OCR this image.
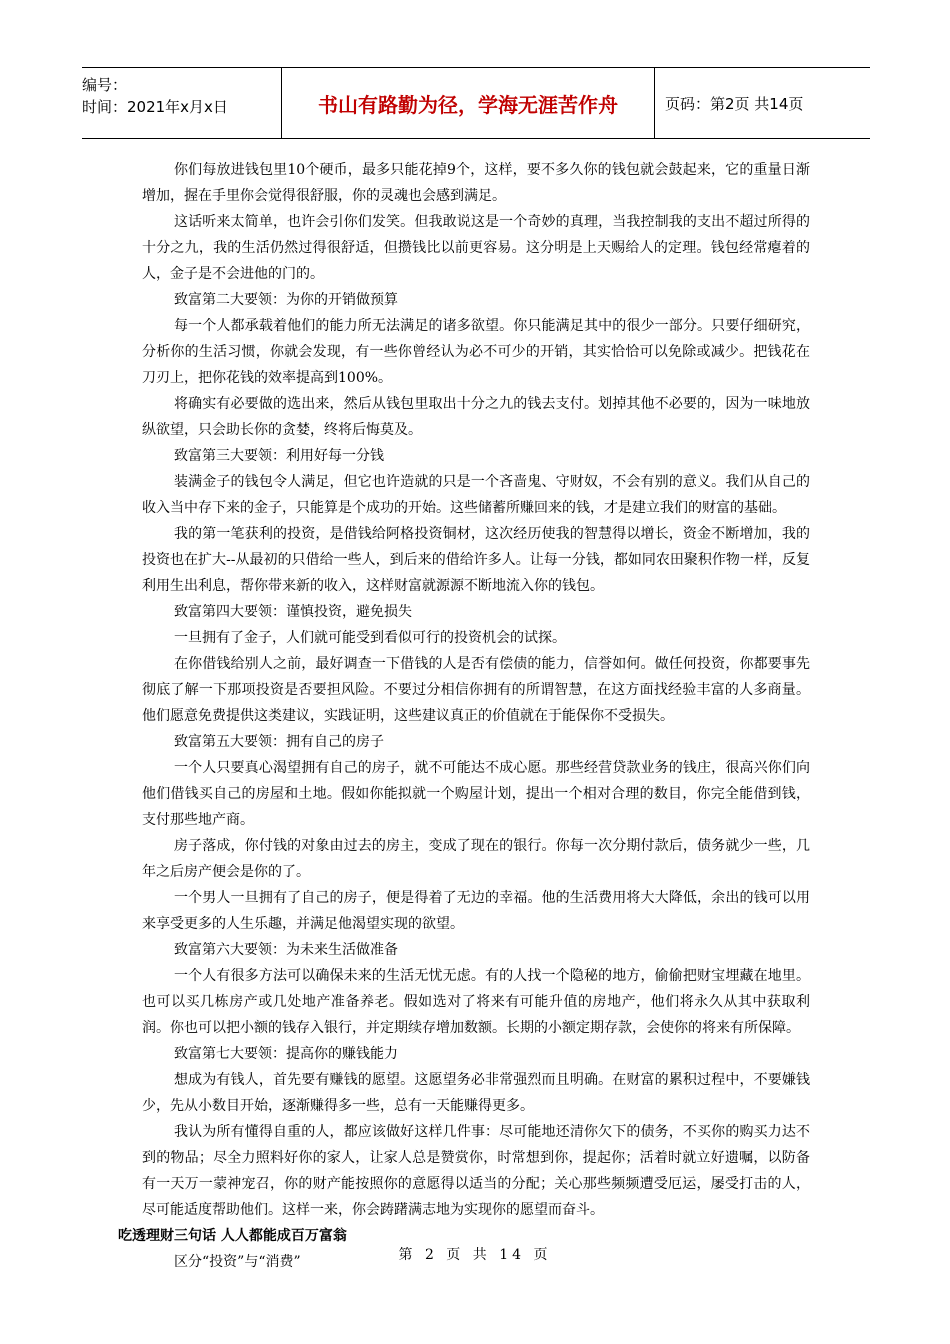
编号：
时间：2021年x月x日	书山有路勤为径，学海无涯苦作舟	页码：第2页 共14页

你们每放进钱包里10个硬币，最多只能花掉9个，这样，要不多久你的钱包就会鼓起来，它的重量日渐增加，握在手里你会觉得很舒服，你的灵魂也会感到满足。

这话听来太简单，也许会引你们发笑。但我敢说这是一个奇妙的真理，当我控制我的支出不超过所得的十分之九，我的生活仍然过得很舒适，但攒钱比以前更容易。这分明是上天赐给人的定理。钱包经常瘪着的人，金子是不会进他的门的。

致富第二大要领：为你的开销做预算

每一个人都承载着他们的能力所无法满足的诸多欲望。你只能满足其中的很少一部分。只要仔细研究，分析你的生活习惯，你就会发现，有一些你曾经认为必不可少的开销，其实恰恰可以免除或减少。把钱花在刀刃上，把你花钱的效率提高到100%。

将确实有必要做的选出来，然后从钱包里取出十分之九的钱去支付。划掉其他不必要的，因为一味地放纵欲望，只会助长你的贪婪，终将后悔莫及。

致富第三大要领：利用好每一分钱

装满金子的钱包令人满足，但它也许造就的只是一个吝啬鬼、守财奴，不会有别的意义。我们从自己的收入当中存下来的金子，只能算是个成功的开始。这些储蓄所赚回来的钱，才是建立我们的财富的基础。

我的第一笔获利的投资，是借钱给阿格投资铜材，这次经历使我的智慧得以增长，资金不断增加，我的投资也在扩大--从最初的只借给一些人，到后来的借给许多人。让每一分钱，都如同农田聚积作物一样，反复利用生出利息，帮你带来新的收入，这样财富就源源不断地流入你的钱包。

致富第四大要领：谨慎投资，避免损失

一旦拥有了金子，人们就可能受到看似可行的投资机会的试探。

在你借钱给别人之前，最好调查一下借钱的人是否有偿债的能力，信誉如何。做任何投资，你都要事先彻底了解一下那项投资是否要担风险。不要过分相信你拥有的所谓智慧，在这方面找经验丰富的人多商量。他们愿意免费提供这类建议，实践证明，这些建议真正的价值就在于能保你不受损失。

致富第五大要领：拥有自己的房子

一个人只要真心渴望拥有自己的房子，就不可能达不成心愿。那些经营贷款业务的钱庄，很高兴你们向他们借钱买自己的房屋和土地。假如你能拟就一个购屋计划，提出一个相对合理的数目，你完全能借到钱，支付那些地产商。

房子落成，你付钱的对象由过去的房主，变成了现在的银行。你每一次分期付款后，债务就少一些，几年之后房产便会是你的了。

一个男人一旦拥有了自己的房子，便是得着了无边的幸福。他的生活费用将大大降低，余出的钱可以用来享受更多的人生乐趣，并满足他渴望实现的欲望。

致富第六大要领：为未来生活做准备

一个人有很多方法可以确保未来的生活无忧无虑。有的人找一个隐秘的地方，偷偷把财宝埋藏在地里。也可以买几栋房产或几处地产准备养老。假如选对了将来有可能升值的房地产，他们将永久从其中获取利润。你也可以把小额的钱存入银行，并定期续存增加数额。长期的小额定期存款，会使你的将来有所保障。

致富第七大要领：提高你的赚钱能力

想成为有钱人，首先要有赚钱的愿望。这愿望务必非常强烈而且明确。在财富的累积过程中，不要嫌钱少，先从小数目开始，逐渐赚得多一些，总有一天能赚得更多。

我认为所有懂得自重的人，都应该做好这样几件事：尽可能地还清你欠下的债务，不买你的购买力达不到的物品；尽全力照料好你的家人，让家人总是赞赏你，时常想到你，提起你；活着时就立好遗嘱，以防备有一天万一蒙神宠召，你的财产能按照你的意愿得以适当的分配；关心那些频频遭受厄运，屡受打击的人，尽可能适度帮助他们。这样一来，你会踌躇满志地为实现你的愿望而奋斗。

吃透理财三句话 人人都能成百万富翁

区分“投资”与“消费”	第 2 页 共 14 页
